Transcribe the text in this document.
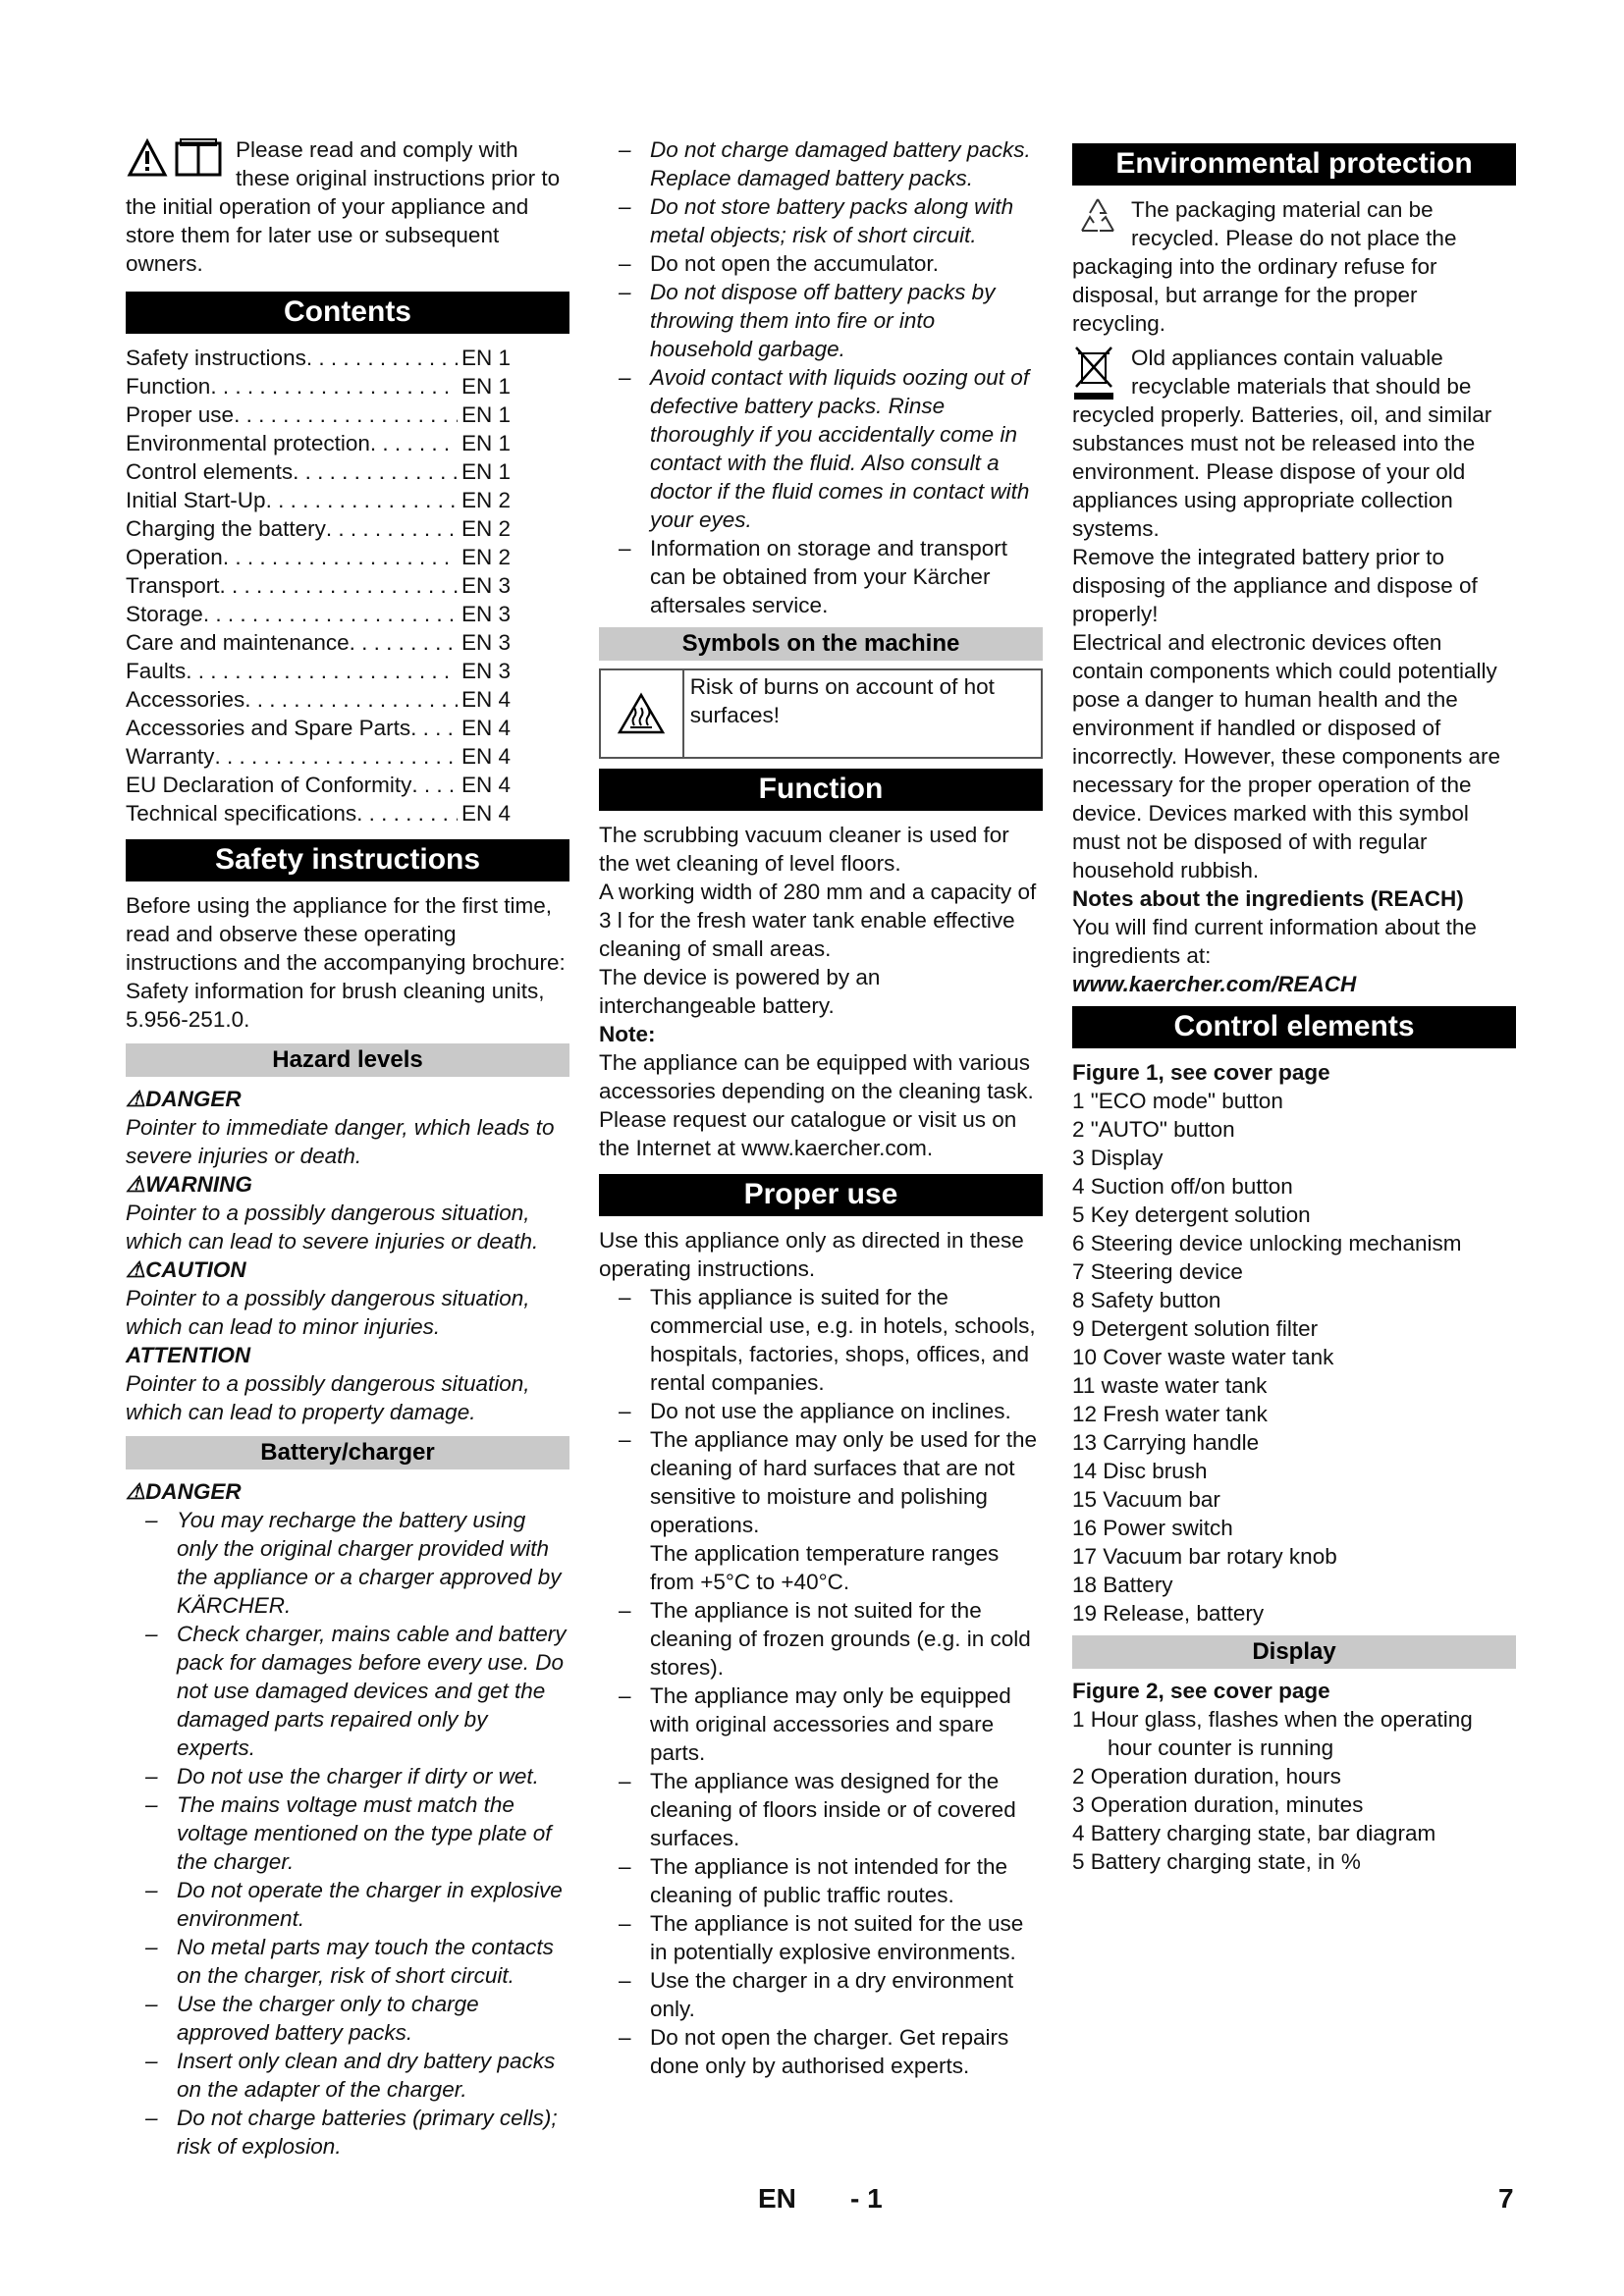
Please read and comply with these original instructions prior to the initial operation of your appliance and store them for later use or subsequent owners.

Contents
Safety instructions . . .	EN 1
Function . . .	EN 1
Proper use . . .	EN 1
Environmental protection . . .	EN 1
Control elements . . .	EN 1
Initial Start-Up . . .	EN 2
Charging the battery . . .	EN 2
Operation . . .	EN 2
Transport . . .	EN 3
Storage . . .	EN 3
Care and maintenance . . .	EN 3
Faults . . .	EN 3
Accessories . . .	EN 4
Accessories and Spare Parts . . . EN 4
Warranty . . .	EN 4
EU Declaration of Conformity . . . EN 4
Technical specifications . . .	EN 4
Safety instructions

Before using the appliance for the first time, read and observe these operating instructions and the accompanying brochure: Safety information for brush cleaning units, 5.956-251.0.

Hazard levels
⚠DANGER

Pointer to immediate danger, which leads to severe injuries or death.

⚠WARNING

Pointer to a possibly dangerous situation, which can lead to severe injuries or death.

⚠CAUTION

Pointer to a possibly dangerous situation, which can lead to minor injuries.

ATTENTION

Pointer to a possibly dangerous situation, which can lead to property damage.

Battery/charger
⚠DANGER
– You may recharge the battery using only the original charger provided with the appliance or a charger approved by KÄRCHER.
– Check charger, mains cable and battery pack for damages before every use. Do not use damaged devices and get the damaged parts repaired only by experts.
– Do not use the charger if dirty or wet.
– The mains voltage must match the voltage mentioned on the type plate of the charger.
– Do not operate the charger in explosive environment.
– No metal parts may touch the contacts on the charger, risk of short circuit.
– Use the charger only to charge approved battery packs.
– Insert only clean and dry battery packs on the adapter of the charger.
– Do not charge batteries (primary cells); risk of explosion.
– Do not charge damaged battery packs. Replace damaged battery packs.
– Do not store battery packs along with metal objects; risk of short circuit.
– Do not open the accumulator.
– Do not dispose off battery packs by throwing them into fire or into household garbage.
– Avoid contact with liquids oozing out of defective battery packs. Rinse thoroughly if you accidentally come in contact with the fluid. Also consult a doctor if the fluid comes in contact with your eyes.
– Information on storage and transport can be obtained from your Kärcher aftersales service.
Symbols on the machine
Risk of burns on account of hot surfaces!
Function

The scrubbing vacuum cleaner is used for the wet cleaning of level floors.

A working width of 280 mm and a capacity of 3 l for the fresh water tank enable effective cleaning of small areas.

The device is powered by an interchangeable battery.

Note:

The appliance can be equipped with various accessories depending on the cleaning task.

Please request our catalogue or visit us on the Internet at www.kaercher.com.

Proper use

Use this appliance only as directed in these operating instructions.

– This appliance is suited for the commercial use, e.g. in hotels, schools, hospitals, factories, shops, offices, and rental companies.
– Do not use the appliance on inclines.
– The appliance may only be used for the cleaning of hard surfaces that are not sensitive to moisture and polishing operations.

The application temperature ranges from +5°C to +40°C.

– The appliance is not suited for the cleaning of frozen grounds (e.g. in cold stores).
– The appliance may only be equipped with original accessories and spare parts.
– The appliance was designed for the cleaning of floors inside or of covered surfaces.
– The appliance is not intended for the cleaning of public traffic routes.
– The appliance is not suited for the use in potentially explosive environments.
– Use the charger in a dry environment only.
– Do not open the charger. Get repairs done only by authorised experts.
Environmental protection

The packaging material can be recycled. Please do not place the packaging into the ordinary refuse for disposal, but arrange for the proper recycling.

Old appliances contain valuable recyclable materials that should be recycled properly. Batteries, oil, and similar substances must not be released into the environment. Please dispose of your old appliances using appropriate collection systems.

Remove the integrated battery prior to disposing of the appliance and dispose of properly!

Electrical and electronic devices often contain components which could potentially pose a danger to human health and the environment if handled or disposed of incorrectly. However, these components are necessary for the proper operation of the device. Devices marked with this symbol must not be disposed of with regular household rubbish.

Notes about the ingredients (REACH)

You will find current information about the ingredients at:

www.kaercher.com/REACH

Control elements

Figure 1, see cover page

1 "ECO mode" button
2 "AUTO" button
3 Display
4 Suction off/on button
5 Key detergent solution
6 Steering device unlocking mechanism
7 Steering device
8 Safety button
9 Detergent solution filter
10 Cover waste water tank
11 waste water tank
12 Fresh water tank
13 Carrying handle
14 Disc brush
15 Vacuum bar
16 Power switch
17 Vacuum bar rotary knob
18 Battery
19 Release, battery
Display

Figure 2, see cover page

1 Hour glass, flashes when the operating hour counter is running
2 Operation duration, hours
3 Operation duration, minutes
4 Battery charging state, bar diagram
5 Battery charging state, in %
EN - 1	7
